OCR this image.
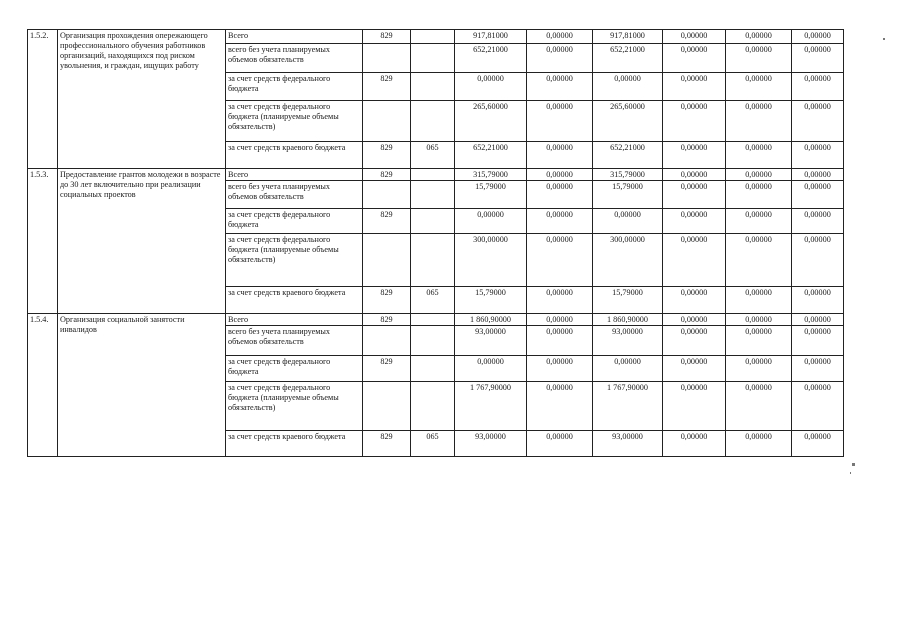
1.5.2.	Организация прохождения опережающего профессионального обучения работников организаций, находящихся под риском увольнения, и граждан, ищущих работу	Всего	829		917,81000	0,00000	917,81000	0,00000	0,00000	0,00000
		всего без учета планируемых объемов обязательств			652,21000	0,00000	652,21000	0,00000	0,00000	0,00000
		за счет средств федерального бюджета	829		0,00000	0,00000	0,00000	0,00000	0,00000	0,00000
		за счет средств федерального бюджета (планируемые объемы обязательств)			265,60000	0,00000	265,60000	0,00000	0,00000	0,00000
		за счет средств краевого бюджета	829	065	652,21000	0,00000	652,21000	0,00000	0,00000	0,00000
1.5.3.	Предоставление грантов молодежи в возрасте до 30 лет включительно при реализации социальных проектов	Всего	829		315,79000	0,00000	315,79000	0,00000	0,00000	0,00000
		всего без учета планируемых объемов обязательств			15,79000	0,00000	15,79000	0,00000	0,00000	0,00000
		за счет средств федерального бюджета	829		0,00000	0,00000	0,00000	0,00000	0,00000	0,00000
		за счет средств федерального бюджета (планируемые объемы обязательств)			300,00000	0,00000	300,00000	0,00000	0,00000	0,00000
		за счет средств краевого бюджета	829	065	15,79000	0,00000	15,79000	0,00000	0,00000	0,00000
1.5.4.	Организация социальной занятости инвалидов	Всего	829		1 860,90000	0,00000	1 860,90000	0,00000	0,00000	0,00000
		всего без учета планируемых объемов обязательств			93,00000	0,00000	93,00000	0,00000	0,00000	0,00000
		за счет средств федерального бюджета	829		0,00000	0,00000	0,00000	0,00000	0,00000	0,00000
		за счет средств федерального бюджета (планируемые объемы обязательств)			1 767,90000	0,00000	1 767,90000	0,00000	0,00000	0,00000
		за счет средств краевого бюджета	829	065	93,00000	0,00000	93,00000	0,00000	0,00000	0,00000
